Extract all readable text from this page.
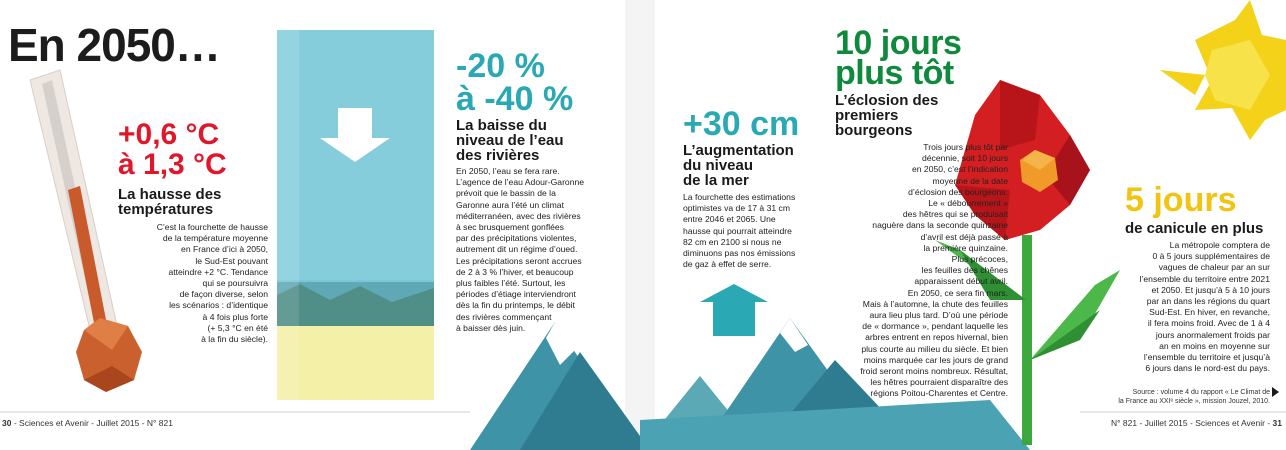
En 2050…

+0,6 °C

à 1,3 °C

La hausse des

températures

C’est la fourchette de hausse
de la température moyenne
en France d’ici à 2050,
le Sud-Est pouvant
atteindre +2 °C. Tendance
qui se poursuivra
de façon diverse, selon
les scénarios : d’identique
à 4 fois plus forte
(+ 5,3 °C en été
à la fin du siècle).

-20 %

à -40 %

La baisse du

niveau de l’eau

des rivières

En 2050, l’eau se fera rare.
L’agence de l’eau Adour-Garonne
prévoit que le bassin de la
Garonne aura l’été un climat
méditerranéen, avec des rivières
à sec brusquement gonflées
par des précipitations violentes,
autrement dit un régime d’oued.
Les précipitations seront accrues
de 2 à 3 % l’hiver, et beaucoup
plus faibles l’été. Surtout, les
périodes d’étiage interviendront
dès la fin du printemps, le débit
des rivières commençant
à baisser dès juin.

+30 cm

L’augmentation

du niveau

de la mer

La fourchette des estimations
optimistes va de 17 à 31 cm
entre 2046 et 2065. Une
hausse qui pourrait atteindre
82 cm en 2100 si nous ne
diminuons pas nos émissions
de gaz à effet de serre.

10 jours

plus tôt

L’éclosion des

premiers

bourgeons

Trois jours plus tôt par
décennie, soit 10 jours
en 2050, c’est l’indication
moyenne de la date
d’éclosion des bourgeons.
Le « débourrement »
des hêtres qui se produisait
naguère dans la seconde quinzaine
d’avril est déjà passé à
la première quinzaine.
Plus précoces,
les feuilles des chênes
apparaissent début avril.
En 2050, ce sera fin mars.
Mais à l’automne, la chute des feuilles
aura lieu plus tard. D’où une période
de « dormance », pendant laquelle les
arbres entrent en repos hivernal, bien
plus courte au milieu du siècle. Et bien
moins marquée car les jours de grand
froid seront moins nombreux. Résultat,
les hêtres pourraient disparaître des
régions Poitou-Charentes et Centre.

5 jours

de canicule en plus

La métropole comptera de
0 à 5 jours supplémentaires de
vagues de chaleur par an sur
l’ensemble du territoire entre 2021
et 2050. Et jusqu’à 5 à 10 jours
par an dans les régions du quart
Sud-Est. En hiver, en revanche,
il fera moins froid. Avec de 1 à 4
jours anormalement froids par
an en moins en moyenne sur
l’ensemble du territoire et jusqu’à
6 jours dans le nord-est du pays.

Source : volume 4 du rapport « Le Climat de
la France au XXIᵉ siècle », mission Jouzel, 2010.

30 - Sciences et Avenir - Juillet 2015 - N° 821	N° 821 - Juillet 2015 - Sciences et Avenir - 31
